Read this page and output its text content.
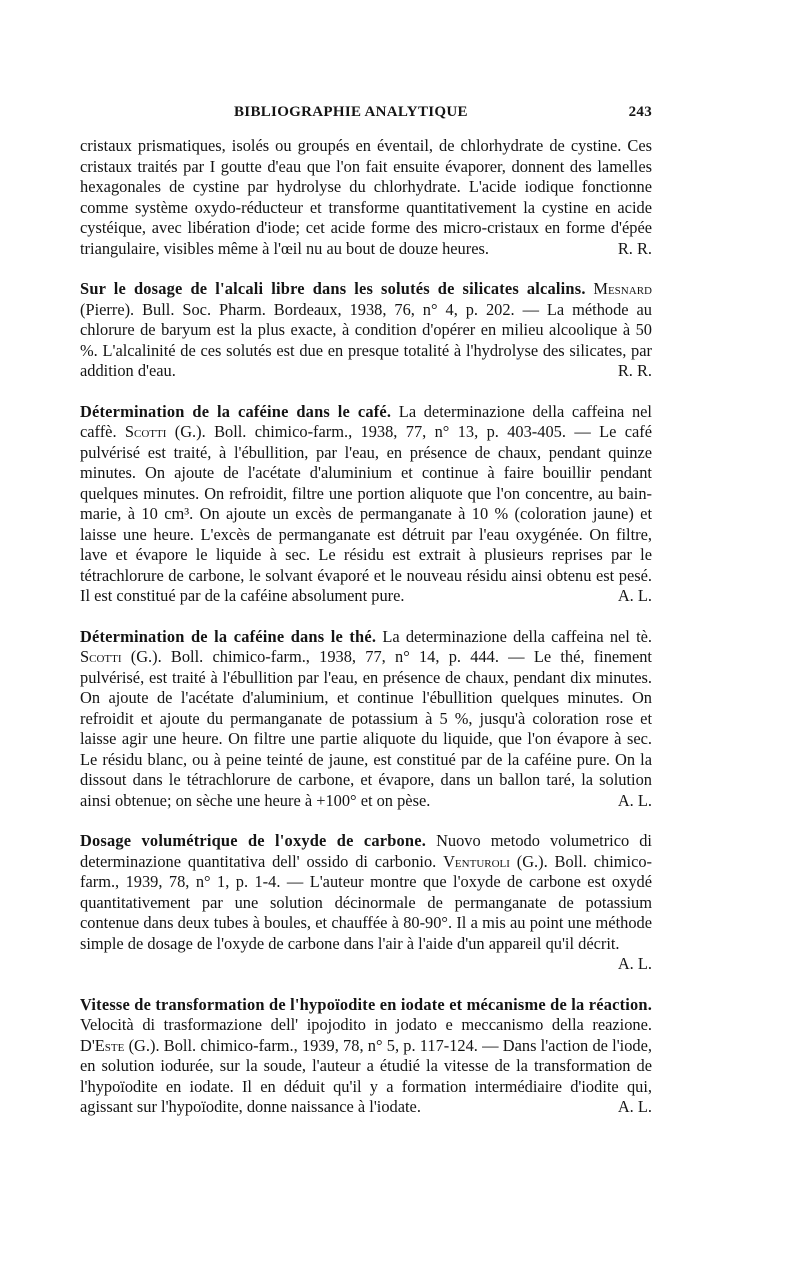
BIBLIOGRAPHIE ANALYTIQUE	243

cristaux prismatiques, isolés ou groupés en éventail, de chlorhydrate de cystine. Ces cristaux traités par I goutte d'eau que l'on fait ensuite évaporer, donnent des lamelles hexagonales de cystine par hydrolyse du chlorhydrate. L'acide iodique fonctionne comme système oxydo-réducteur et transforme quantitativement la cystine en acide cystéique, avec libération d'iode; cet acide forme des micro-cristaux en forme d'épée triangulaire, visibles même à l'œil nu au bout de douze heures.	R. R.

Sur le dosage de l'alcali libre dans les solutés de silicates alcalins. Mesnard (Pierre). Bull. Soc. Pharm. Bordeaux, 1938, 76, n° 4, p. 202. — La méthode au chlorure de baryum est la plus exacte, à condition d'opérer en milieu alcoolique à 50 %. L'alcalinité de ces solutés est due en presque totalité à l'hydrolyse des silicates, par addition d'eau.	R. R.

Détermination de la caféine dans le café. La determinazione della caffeina nel caffè. Scotti (G.). Boll. chimico-farm., 1938, 77, n° 13, p. 403-405. — Le café pulvérisé est traité, à l'ébullition, par l'eau, en présence de chaux, pendant quinze minutes. On ajoute de l'acétate d'aluminium et continue à faire bouillir pendant quelques minutes. On refroidit, filtre une portion aliquote que l'on concentre, au bain-marie, à 10 cm³. On ajoute un excès de permanganate à 10 % (coloration jaune) et laisse une heure. L'excès de permanganate est détruit par l'eau oxygénée. On filtre, lave et évapore le liquide à sec. Le résidu est extrait à plusieurs reprises par le tétrachlorure de carbone, le solvant évaporé et le nouveau résidu ainsi obtenu est pesé. Il est constitué par de la caféine absolument pure.	A. L.

Détermination de la caféine dans le thé. La determinazione della caffeina nel tè. Scotti (G.). Boll. chimico-farm., 1938, 77, n° 14, p. 444. — Le thé, finement pulvérisé, est traité à l'ébullition par l'eau, en présence de chaux, pendant dix minutes. On ajoute de l'acétate d'aluminium, et continue l'ébullition quelques minutes. On refroidit et ajoute du permanganate de potassium à 5 %, jusqu'à coloration rose et laisse agir une heure. On filtre une partie aliquote du liquide, que l'on évapore à sec. Le résidu blanc, ou à peine teinté de jaune, est constitué par de la caféine pure. On la dissout dans le tétrachlorure de carbone, et évapore, dans un ballon taré, la solution ainsi obtenue; on sèche une heure à +100° et on pèse.	A. L.

Dosage volumétrique de l'oxyde de carbone. Nuovo metodo volumetrico di determinazione quantitativa dell' ossido di carbonio. Venturoli (G.). Boll. chimico-farm., 1939, 78, n° 1, p. 1-4. — L'auteur montre que l'oxyde de carbone est oxydé quantitativement par une solution décinormale de permanganate de potassium contenue dans deux tubes à boules, et chauffée à 80-90°. Il a mis au point une méthode simple de dosage de l'oxyde de carbone dans l'air à l'aide d'un appareil qu'il décrit.
A. L.

Vitesse de transformation de l'hypoïodite en iodate et mécanisme de la réaction. Velocità di trasformazione dell' ipojodito in jodato e meccanismo della reazione. D'Este (G.). Boll. chimico-farm., 1939, 78, n° 5, p. 117-124. — Dans l'action de l'iode, en solution iodurée, sur la soude, l'auteur a étudié la vitesse de la transformation de l'hypoïodite en iodate. Il en déduit qu'il y a formation intermédiaire d'iodite qui, agissant sur l'hypoïodite, donne naissance à l'iodate.	A. L.
